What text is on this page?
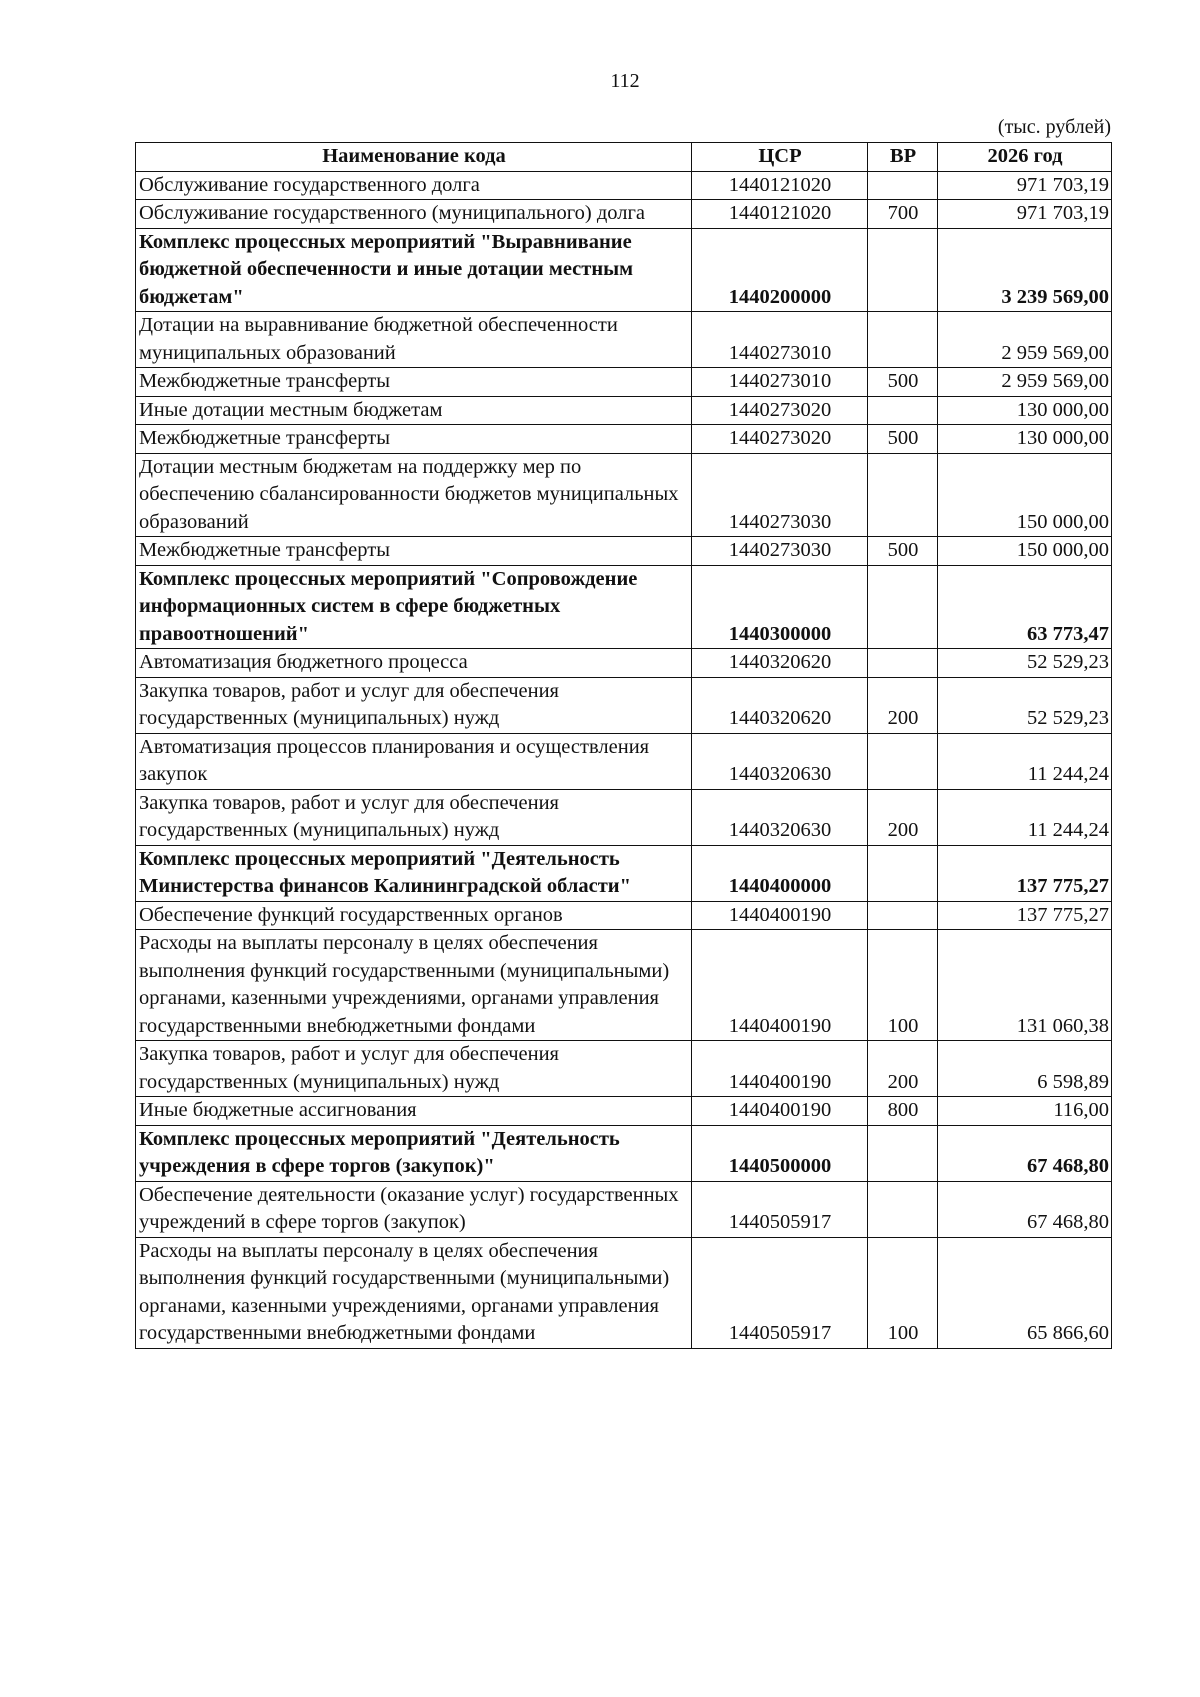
112
(тыс. рублей)
Наименование кода	ЦСР	ВР	2026 год
Обслуживание государственного долга	1440121020		971 703,19
Обслуживание государственного (муниципального) долга	1440121020	700	971 703,19
Комплекс процессных мероприятий "Выравнивание бюджетной обеспеченности и иные дотации местным бюджетам"	1440200000		3 239 569,00
Дотации на выравнивание бюджетной обеспеченности муниципальных образований	1440273010		2 959 569,00
Межбюджетные трансферты	1440273010	500	2 959 569,00
Иные дотации местным бюджетам	1440273020		130 000,00
Межбюджетные трансферты	1440273020	500	130 000,00
Дотации местным бюджетам на поддержку мер по обеспечению сбалансированности бюджетов муниципальных образований	1440273030		150 000,00
Межбюджетные трансферты	1440273030	500	150 000,00
Комплекс процессных мероприятий "Сопровождение информационных систем в сфере бюджетных правоотношений"	1440300000		63 773,47
Автоматизация бюджетного процесса	1440320620		52 529,23
Закупка товаров, работ и услуг для обеспечения государственных (муниципальных) нужд	1440320620	200	52 529,23
Автоматизация процессов планирования и осуществления закупок	1440320630		11 244,24
Закупка товаров, работ и услуг для обеспечения государственных (муниципальных) нужд	1440320630	200	11 244,24
Комплекс процессных мероприятий "Деятельность Министерства финансов Калининградской области"	1440400000		137 775,27
Обеспечение функций государственных органов	1440400190		137 775,27
Расходы на выплаты персоналу в целях обеспечения выполнения функций государственными (муниципальными) органами, казенными учреждениями, органами управления государственными внебюджетными фондами	1440400190	100	131 060,38
Закупка товаров, работ и услуг для обеспечения государственных (муниципальных) нужд	1440400190	200	6 598,89
Иные бюджетные ассигнования	1440400190	800	116,00
Комплекс процессных мероприятий "Деятельность учреждения в сфере торгов (закупок)"	1440500000		67 468,80
Обеспечение деятельности (оказание услуг) государственных учреждений в сфере торгов (закупок)	1440505917		67 468,80
Расходы на выплаты персоналу в целях обеспечения выполнения функций государственными (муниципальными) органами, казенными учреждениями, органами управления государственными внебюджетными фондами	1440505917	100	65 866,60
